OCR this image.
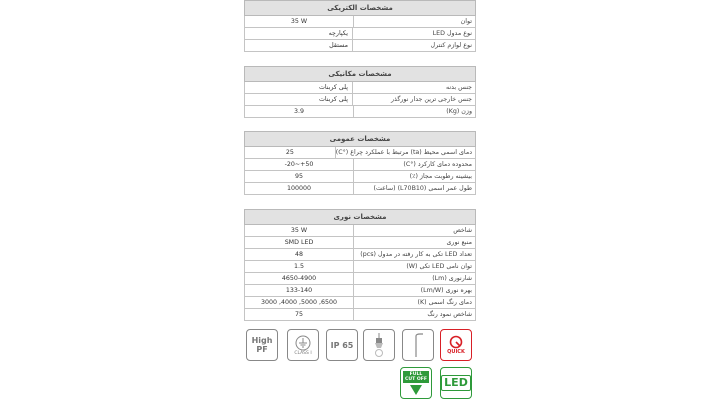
مشخصات الکتریکی
35 W	توان
یکپارچه	نوع مدول LED
مستقل	نوع لوازم کنترل
مشخصات مکانیکی
پلی کربنات	جنس بدنه
پلی کربنات	جنس خارجی ترین جدار نورگذر
3.9	وزن (Kg)
مشخصات عمومی
25	دمای اسمی محیط (ta) مرتبط با عملکرد چراغ (°C)
-20~+50	محدوده دمای کارکرد (°C)
95	بیشینه رطوبت مجاز (٪)
100000	طول عمر اسمی (L70B10) (ساعت)
مشخصات نوری
35 W	شاخص
SMD LED	منبع نوری
48	تعداد LED تکی به کار رفته در مدول (pcs)
1.5	توان نامی LED تکی (W)
4650-4900	شارنوری (Lm)
133-140	بهره نوری (Lm/W)
3000 ,4000 ,5000 ,6500	دمای رنگ اسمی (K)
75	شاخص نمود رنگ
High
PF	CLASS I
IP 65
QUICK
FULL
CUT OFF LED
